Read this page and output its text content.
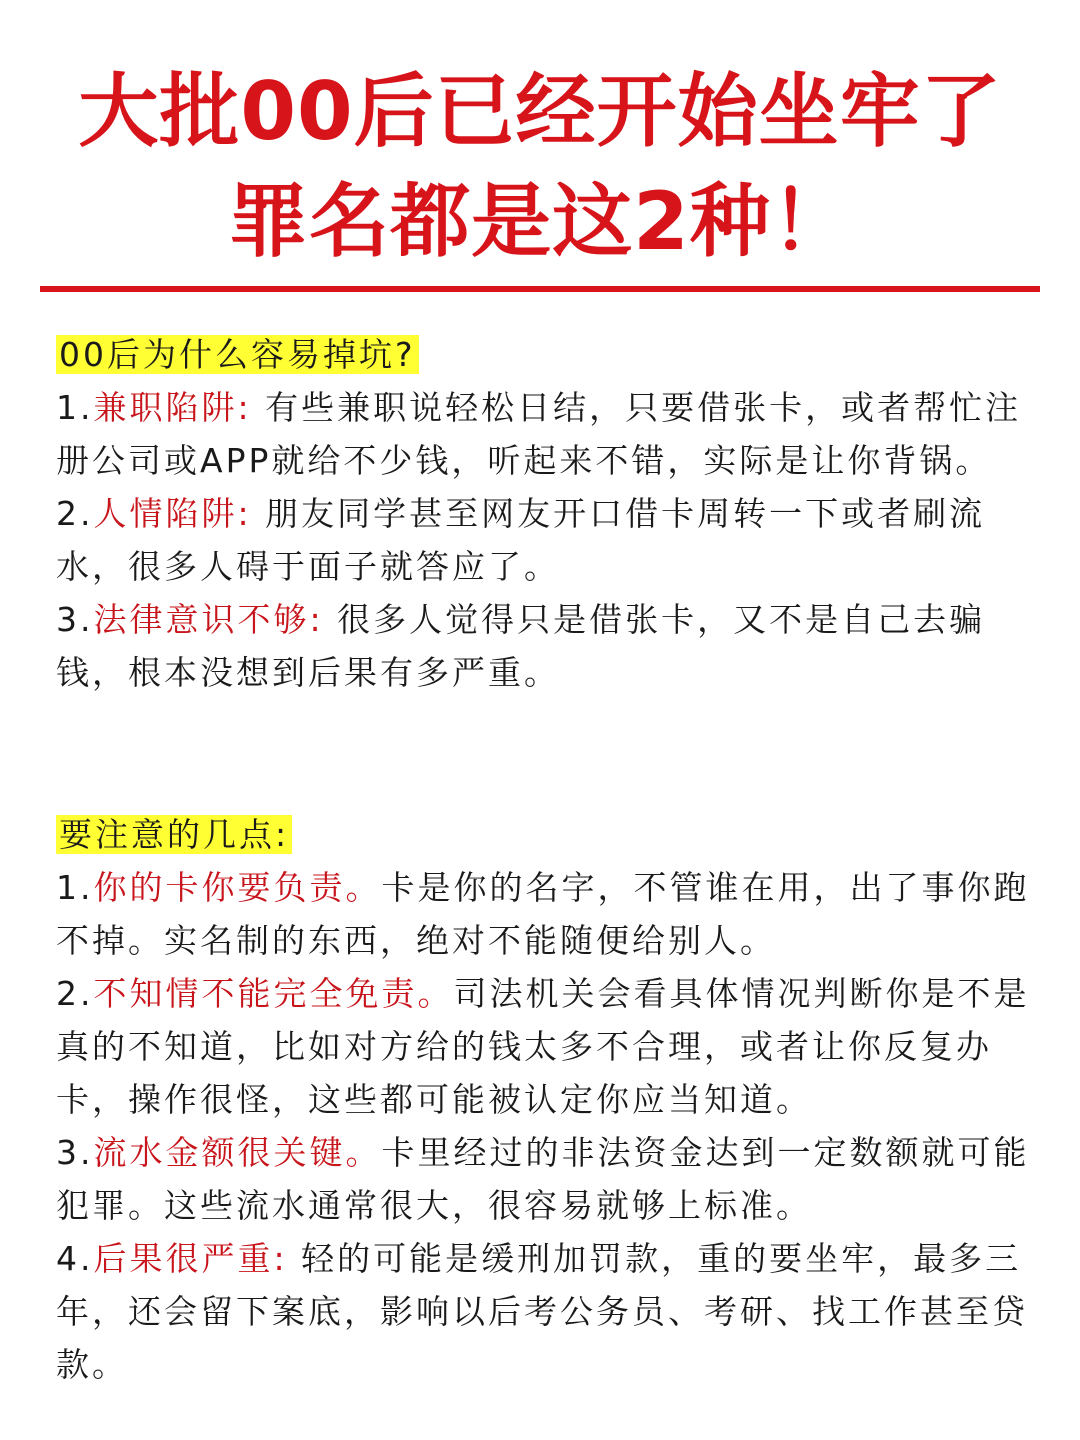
大批00后已经开始坐牢了
罪名都是这2种！

00后为什么容易掉坑?

1.兼职陷阱: 有些兼职说轻松日结，只要借张卡，或者帮忙注册公司或APP就给不少钱，听起来不错，实际是让你背锅。

2.人情陷阱: 朋友同学甚至网友开口借卡周转一下或者刷流水，很多人碍于面子就答应了。

3.法律意识不够: 很多人觉得只是借张卡，又不是自己去骗钱，根本没想到后果有多严重。

要注意的几点:

1.你的卡你要负责。卡是你的名字，不管谁在用，出了事你跑不掉。实名制的东西，绝对不能随便给别人。

2.不知情不能完全免责。司法机关会看具体情况判断你是不是真的不知道，比如对方给的钱太多不合理，或者让你反复办卡，操作很怪，这些都可能被认定你应当知道。

3.流水金额很关键。卡里经过的非法资金达到一定数额就可能犯罪。这些流水通常很大，很容易就够上标准。

4.后果很严重: 轻的可能是缓刑加罚款，重的要坐牢，最多三年，还会留下案底，影响以后考公务员、考研、找工作甚至贷款。
